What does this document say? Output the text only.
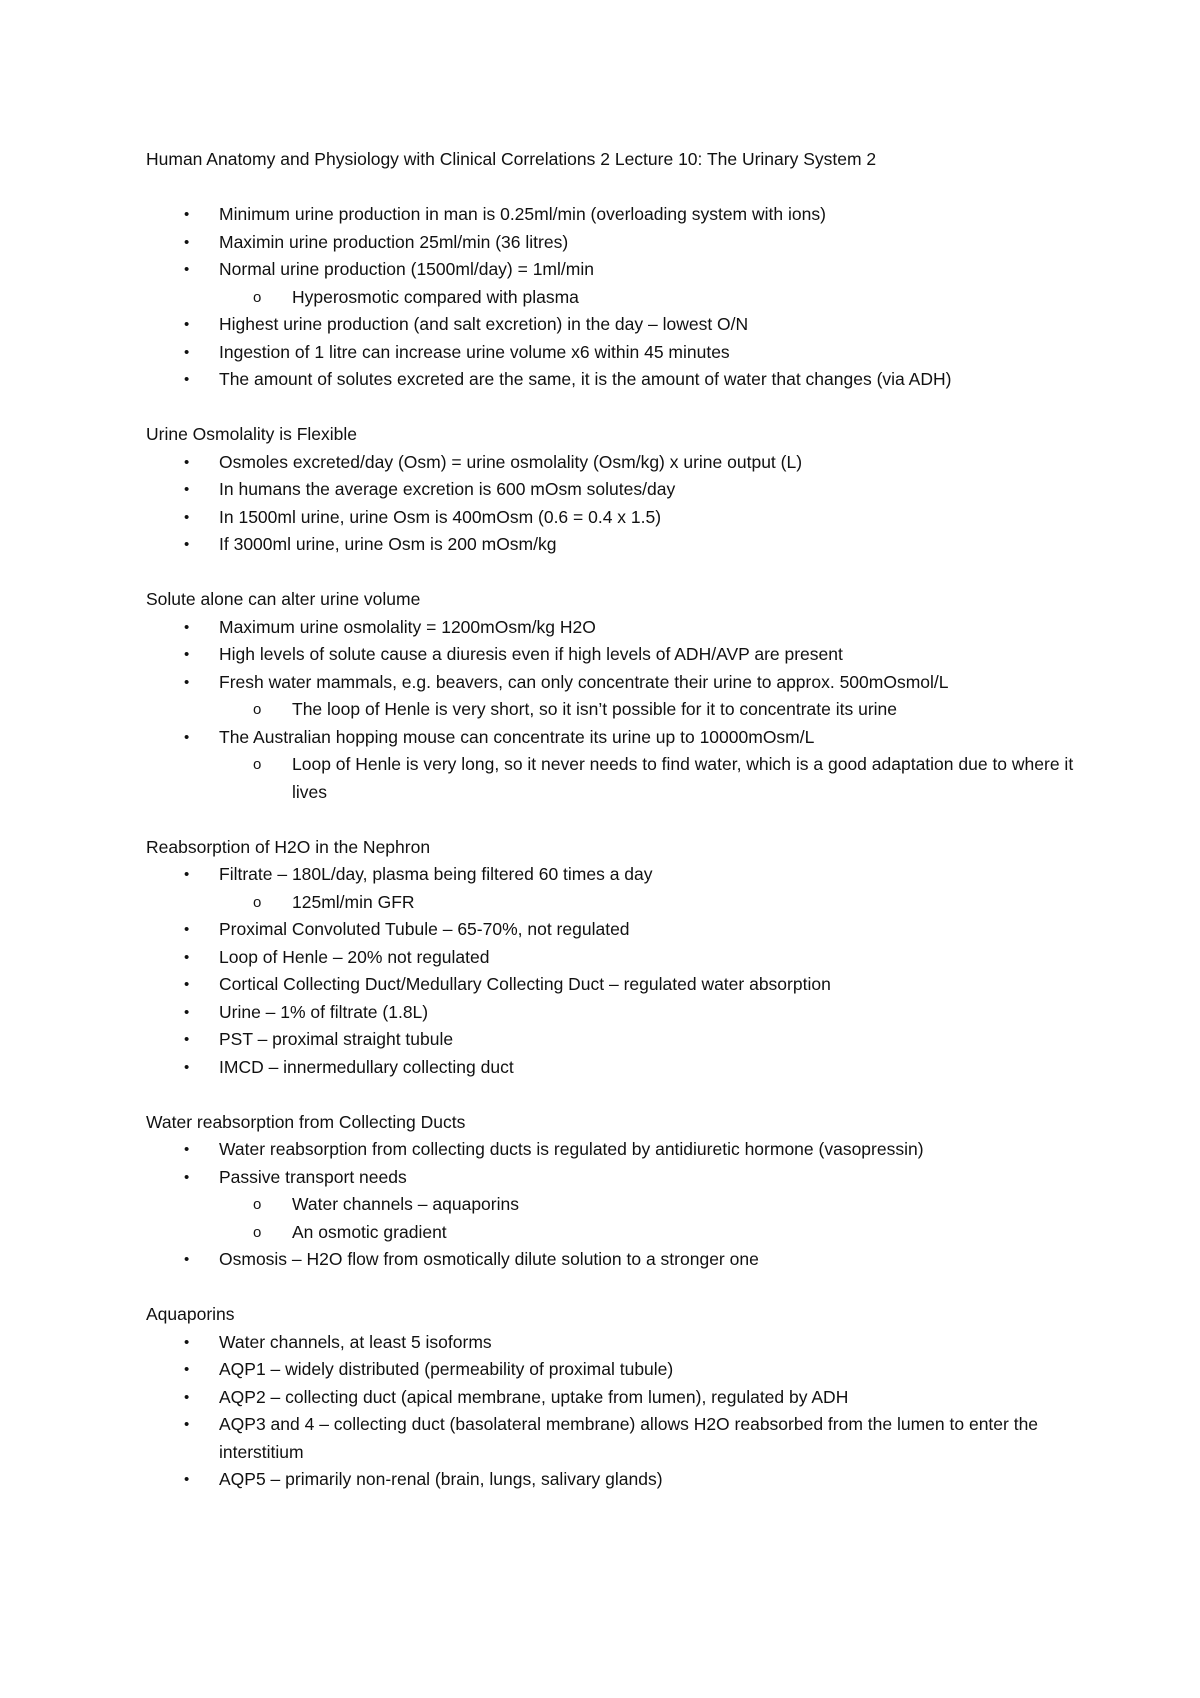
Human Anatomy and Physiology with Clinical Correlations 2 Lecture 10: The Urinary System 2
• Minimum urine production in man is 0.25ml/min (overloading system with ions)
• Maximin urine production 25ml/min (36 litres)
• Normal urine production (1500ml/day) = 1ml/min
o Hyperosmotic compared with plasma
• Highest urine production (and salt excretion) in the day – lowest O/N
• Ingestion of 1 litre can increase urine volume x6 within 45 minutes
• The amount of solutes excreted are the same, it is the amount of water that changes (via ADH)
Urine Osmolality is Flexible
• Osmoles excreted/day (Osm) = urine osmolality (Osm/kg) x urine output (L)
• In humans the average excretion is 600 mOsm solutes/day
• In 1500ml urine, urine Osm is 400mOsm (0.6 = 0.4 x 1.5)
• If 3000ml urine, urine Osm is 200 mOsm/kg
Solute alone can alter urine volume
• Maximum urine osmolality = 1200mOsm/kg H2O
• High levels of solute cause a diuresis even if high levels of ADH/AVP are present
• Fresh water mammals, e.g. beavers, can only concentrate their urine to approx. 500mOsmol/L
o The loop of Henle is very short, so it isn’t possible for it to concentrate its urine
• The Australian hopping mouse can concentrate its urine up to 10000mOsm/L
o Loop of Henle is very long, so it never needs to find water, which is a good adaptation due to where it lives
Reabsorption of H2O in the Nephron
• Filtrate – 180L/day, plasma being filtered 60 times a day
o 125ml/min GFR
• Proximal Convoluted Tubule – 65-70%, not regulated
• Loop of Henle – 20% not regulated
• Cortical Collecting Duct/Medullary Collecting Duct – regulated water absorption
• Urine – 1% of filtrate (1.8L)
• PST – proximal straight tubule
• IMCD – innermedullary collecting duct
Water reabsorption from Collecting Ducts
• Water reabsorption from collecting ducts is regulated by antidiuretic hormone (vasopressin)
• Passive transport needs
o Water channels – aquaporins
o An osmotic gradient
• Osmosis – H2O flow from osmotically dilute solution to a stronger one
Aquaporins
• Water channels, at least 5 isoforms
• AQP1 – widely distributed (permeability of proximal tubule)
• AQP2 – collecting duct (apical membrane, uptake from lumen), regulated by ADH
• AQP3 and 4 – collecting duct (basolateral membrane) allows H2O reabsorbed from the lumen to enter the interstitium
• AQP5 – primarily non-renal (brain, lungs, salivary glands)
